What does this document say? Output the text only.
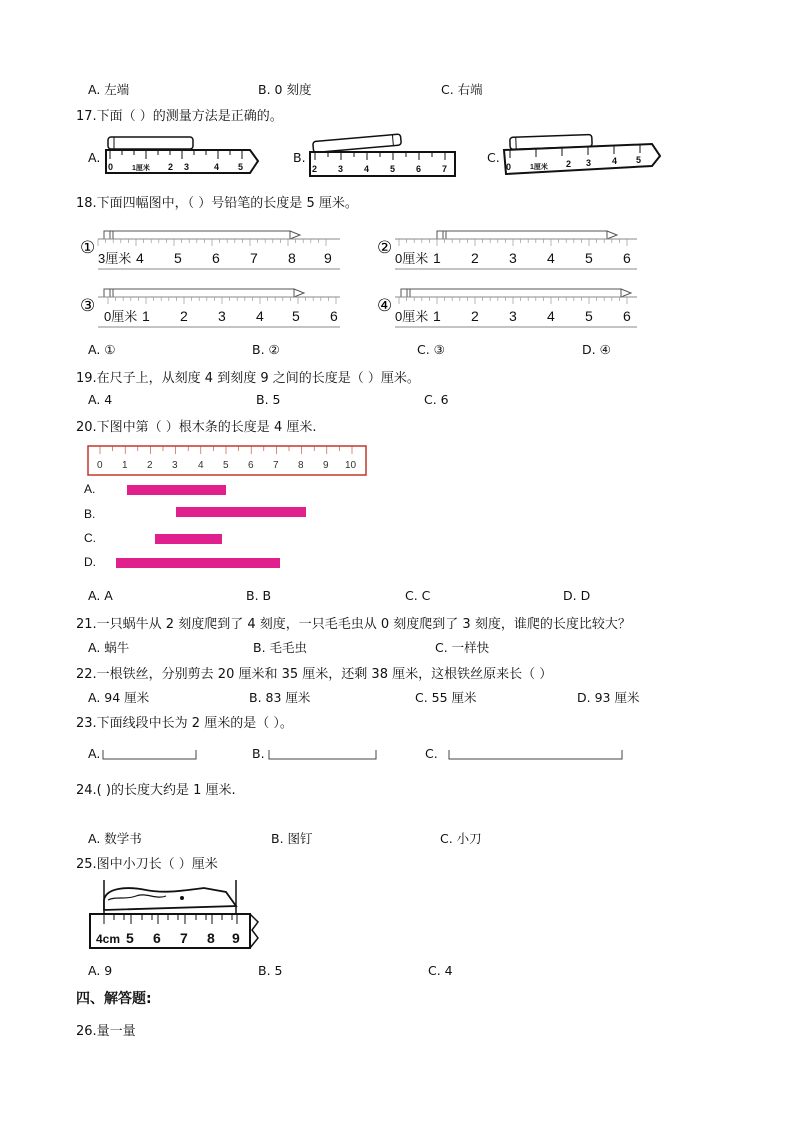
A. 左端	B. 0 刻度	C. 右端
17.下面（ ）的测量方法是正确的。
A.	B.	C.
0	1厘米 2 3	4 5	2 3 4 5 6 7	0	1厘米 2 3 4 5
18.下面四幅图中，（ ）号铅笔的长度是 5 厘米。
①
3厘米 4 5 6 7 8 9
②
0厘米 1 2 3 4 5 6
③
0厘米 1 2 3 4 5 6
④
0厘米 1 2 3 4 5 6
A. ①	B. ②	C. ③	D. ④
19.在尺子上，从刻度 4 到刻度 9 之间的长度是（ ）厘米。
A. 4	B. 5	C. 6
20.下图中第（ ）根木条的长度是 4 厘米.
0 1 2 3 4 5 6 7 8 9 10
A.
B.
C.
D.
A. A	B. B	C. C	D. D
21.一只蜗牛从 2 刻度爬到了 4 刻度，一只毛毛虫从 0 刻度爬到了 3 刻度，谁爬的长度比较大？
A. 蜗牛	B. 毛毛虫	C. 一样快
22.一根铁丝，分别剪去 20 厘米和 35 厘米，还剩 38 厘米，这根铁丝原来长（ ）
A. 94 厘米	B. 83 厘米	C. 55 厘米	D. 93 厘米
23.下面线段中长为 2 厘米的是（ ）。
A.	B.	C.
24.( )的长度大约是 1 厘米.
A. 数学书	B. 图钉	C. 小刀
25.图中小刀长（ ）厘米
4cm 5 6 7 8 9
A. 9	B. 5	C. 4
四、解答题:
26.量一量
